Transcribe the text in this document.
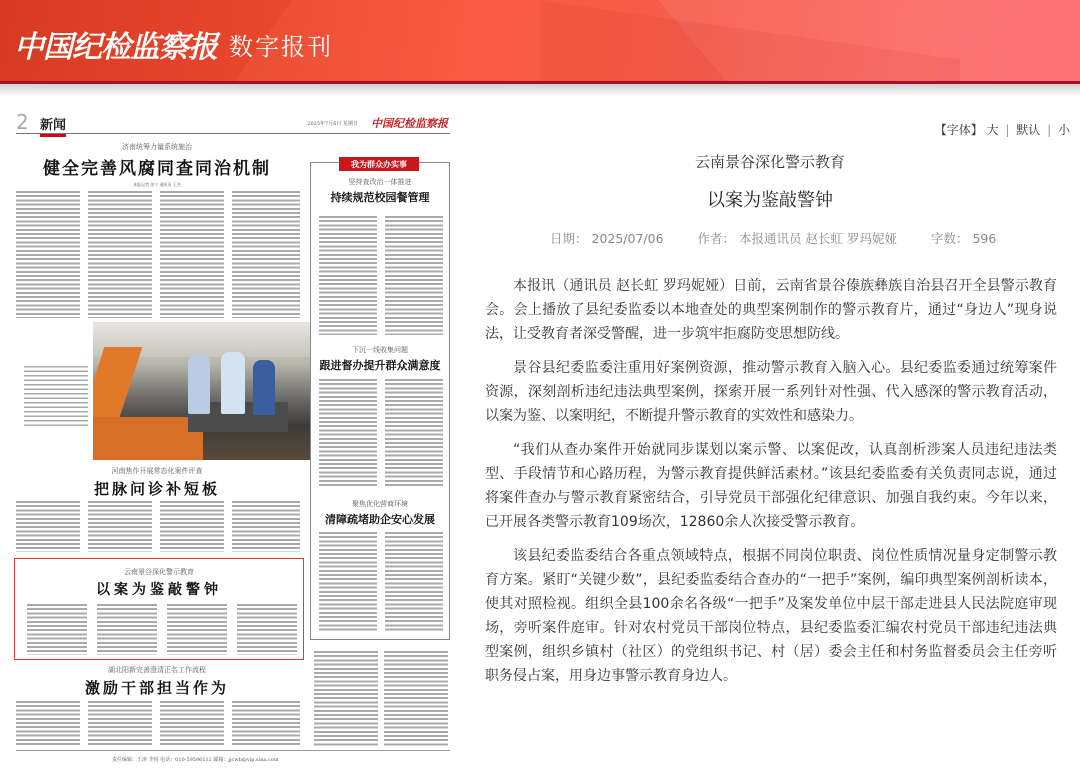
中国纪检监察报 数字报刊
2 新闻	2025年7月6日 星期日 中国纪检监察报
济南统筹力量系统施治
健全完善风腐同查同治机制
本报记者 张宁 通讯员 王杰
河南焦作开展常态化案件评查
把脉问诊补短板
云南景谷深化警示教育
以案为鉴敲警钟
湖北阳新完善澄清正名工作流程
激励干部担当作为
我为群众办实事
坚持查改治一体推进
持续规范校园餐管理
下沉一线收集问题
跟进督办提升群众满意度
聚焦优化营商环境
清障疏堵助企安心发展
责任编辑：王涛 李悦 电话：010-59596112 邮箱：jjcwb@vip.sina.com
【字体】 大 | 默认 | 小
云南景谷深化警示教育
以案为鉴敲警钟
日期： 2025/07/06	作者： 本报通讯员 赵长虹 罗玛妮娅	字数： 596

本报讯（通讯员 赵长虹 罗玛妮娅）日前，云南省景谷傣族彝族自治县召开全县警示教育会。会上播放了县纪委监委以本地查处的典型案例制作的警示教育片，通过“身边人”现身说法，让受教育者深受警醒，进一步筑牢拒腐防变思想防线。

景谷县纪委监委注重用好案例资源，推动警示教育入脑入心。县纪委监委通过统筹案件资源，深刻剖析违纪违法典型案例，探索开展一系列针对性强、代入感深的警示教育活动，以案为鉴、以案明纪，不断提升警示教育的实效性和感染力。

“我们从查办案件开始就同步谋划以案示警、以案促改，认真剖析涉案人员违纪违法类型、手段情节和心路历程，为警示教育提供鲜活素材。”该县纪委监委有关负责同志说，通过将案件查办与警示教育紧密结合，引导党员干部强化纪律意识、加强自我约束。今年以来，已开展各类警示教育109场次，12860余人次接受警示教育。

该县纪委监委结合各重点领域特点，根据不同岗位职责、岗位性质情况量身定制警示教育方案。紧盯“关键少数”，县纪委监委结合查办的“一把手”案例，编印典型案例剖析读本，使其对照检视。组织全县100余名各级“一把手”及案发单位中层干部走进县人民法院庭审现场，旁听案件庭审。针对农村党员干部岗位特点，县纪委监委汇编农村党员干部违纪违法典型案例，组织乡镇村（社区）的党组织书记、村（居）委会主任和村务监督委员会主任旁听职务侵占案，用身边事警示教育身边人。
